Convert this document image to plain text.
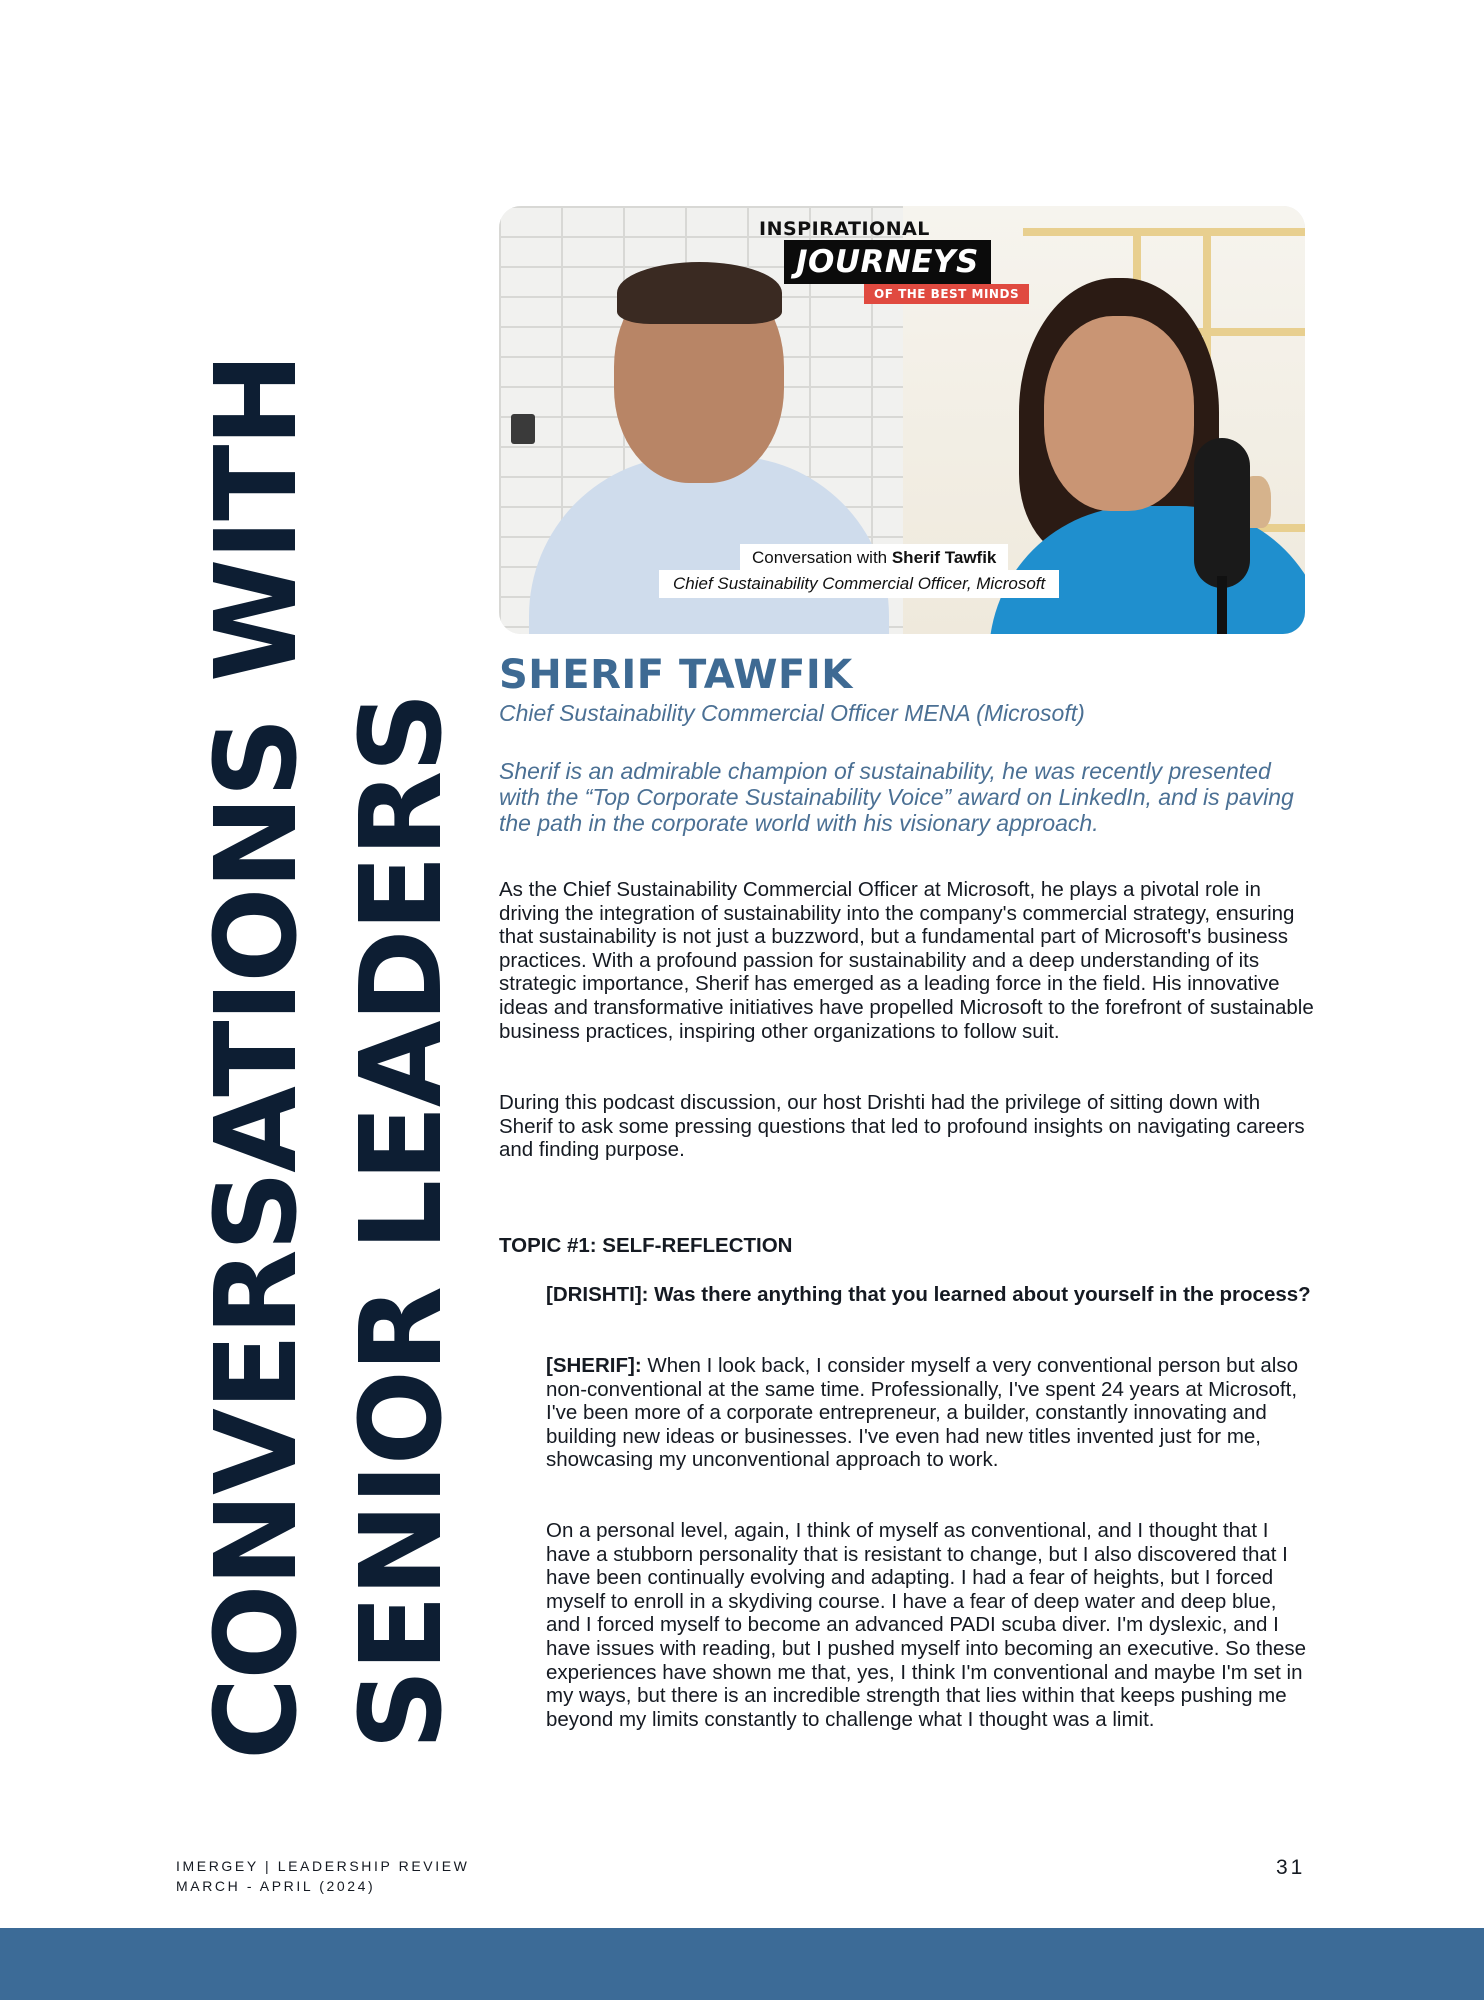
CONVERSATIONS WITH SENIOR LEADERS
INSPIRATIONAL
JOURNEYS
OF THE BEST MINDS
Conversation with Sherif Tawfik
Chief Sustainability Commercial Officer, Microsoft
SHERIF TAWFIK
Chief Sustainability Commercial Officer MENA (Microsoft)
Sherif is an admirable champion of sustainability, he was recently presented with the “Top Corporate Sustainability Voice” award on LinkedIn, and is paving the path in the corporate world with his visionary approach.
As the Chief Sustainability Commercial Officer at Microsoft, he plays a pivotal role in driving the integration of sustainability into the company's commercial strategy, ensuring that sustainability is not just a buzzword, but a fundamental part of Microsoft's business practices. With a profound passion for sustainability and a deep understanding of its strategic importance, Sherif has emerged as a leading force in the field. His innovative ideas and transformative initiatives have propelled Microsoft to the forefront of sustainable business practices, inspiring other organizations to follow suit.
During this podcast discussion, our host Drishti had the privilege of sitting down with Sherif to ask some pressing questions that led to profound insights on navigating careers and finding purpose.
TOPIC #1: SELF-REFLECTION
[DRISHTI]: Was there anything that you learned about yourself in the process?
[SHERIF]: When I look back, I consider myself a very conventional person but also non-conventional at the same time. Professionally, I've spent 24 years at Microsoft, I've been more of a corporate entrepreneur, a builder, constantly innovating and building new ideas or businesses. I've even had new titles invented just for me, showcasing my unconventional approach to work.
On a personal level, again, I think of myself as conventional, and I thought that I have a stubborn personality that is resistant to change, but I also discovered that I have been continually evolving and adapting. I had a fear of heights, but I forced myself to enroll in a skydiving course. I have a fear of deep water and deep blue, and I forced myself to become an advanced PADI scuba diver. I'm dyslexic, and I have issues with reading, but I pushed myself into becoming an executive. So these experiences have shown me that, yes, I think I'm conventional and maybe I'm set in my ways, but there is an incredible strength that lies within that keeps pushing me beyond my limits constantly to challenge what I thought was a limit.
IMERGEY | LEADERSHIP REVIEW
MARCH - APRIL (2024)
31
